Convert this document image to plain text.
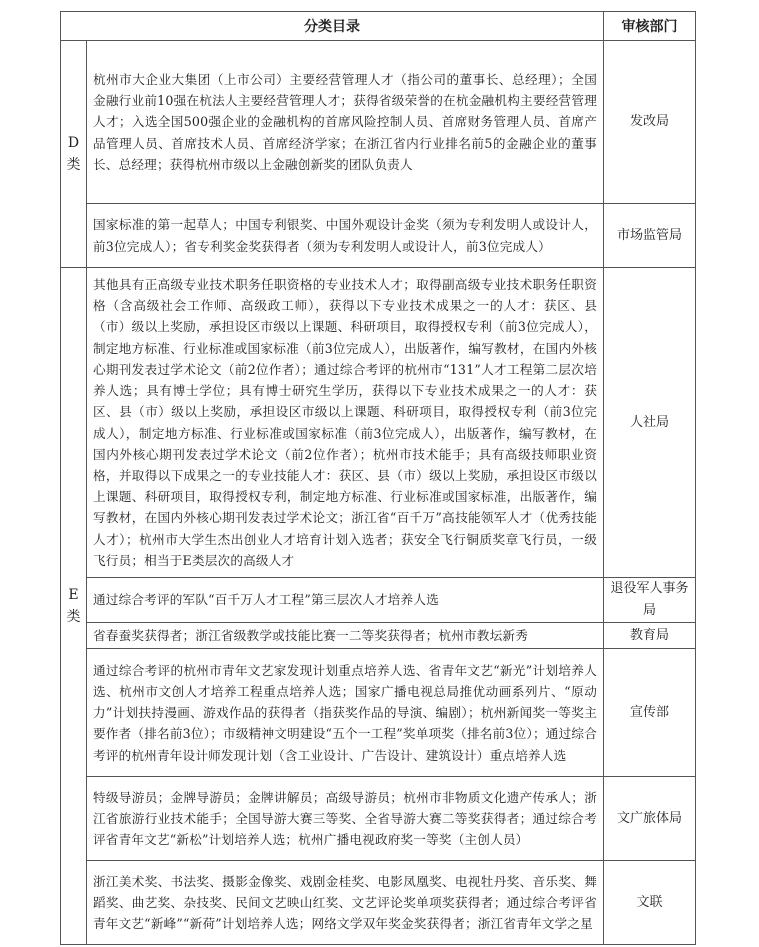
分类目录		审核部门

D
类	杭州市大企业大集团（上市公司）主要经营管理人才（指公司的董事长、总经理）；全国金融行业前10强在杭法人主要经营管理人才；获得省级荣誉的在杭金融机构主要经营管理人才；入选全国500强企业的金融机构的首席风险控制人员、首席财务管理人员、首席产品管理人员、首席技术人员、首席经济学家；在浙江省内行业排名前5的金融企业的董事长、总经理；获得杭州市级以上金融创新奖的团队负责人	发改局
	国家标准的第一起草人；中国专利银奖、中国外观设计金奖（须为专利发明人或设计人，前3位完成人）；省专利奖金奖获得者（须为专利发明人或设计人，前3位完成人）	市场监管局

E
类	其他具有正高级专业技术职务任职资格的专业技术人才；取得副高级专业技术职务任职资格（含高级社会工作师、高级政工师），获得以下专业技术成果之一的人才：获区、县（市）级以上奖励，承担设区市级以上课题、科研项目，取得授权专利（前3位完成人），制定地方标准、行业标准或国家标准（前3位完成人），出版著作，编写教材，在国内外核心期刊发表过学术论文（前2位作者）；通过综合考评的杭州市“131”人才工程第二层次培养人选；具有博士学位；具有博士研究生学历，获得以下专业技术成果之一的人才：获区、县（市）级以上奖励，承担设区市级以上课题、科研项目，取得授权专利（前3位完成人），制定地方标准、行业标准或国家标准（前3位完成人），出版著作，编写教材，在国内外核心期刊发表过学术论文（前2位作者）；杭州市技术能手；具有高级技师职业资格，并取得以下成果之一的专业技能人才：获区、县（市）级以上奖励，承担设区市级以上课题、科研项目，取得授权专利，制定地方标准、行业标准或国家标准，出版著作，编写教材，在国内外核心期刊发表过学术论文；浙江省“百千万”高技能领军人才（优秀技能人才）；杭州市大学生杰出创业人才培育计划入选者；获安全飞行铜质奖章飞行员，一级飞行员；相当于E类层次的高级人才	人社局
	通过综合考评的军队“百千万人才工程”第三层次人才培养人选	退役军人事务局
	省春蚕奖获得者；浙江省级教学或技能比赛一二等奖获得者；杭州市教坛新秀	教育局
	通过综合考评的杭州市青年文艺家发现计划重点培养人选、省青年文艺“新光”计划培养人选、杭州市文创人才培养工程重点培养人选；国家广播电视总局推优动画系列片、“原动力”计划扶持漫画、游戏作品的获得者（指获奖作品的导演、编剧）；杭州新闻奖一等奖主要作者（排名前3位）；市级精神文明建设“五个一工程”奖单项奖（排名前3位）；通过综合考评的杭州青年设计师发现计划（含工业设计、广告设计、建筑设计）重点培养人选	宣传部
	特级导游员；金牌导游员；金牌讲解员；高级导游员；杭州市非物质文化遗产传承人；浙江省旅游行业技术能手；全国导游大赛三等奖、全省导游大赛二等奖获得者；通过综合考评省青年文艺“新松”计划培养人选；杭州广播电视政府奖一等奖（主创人员）	文广旅体局
	浙江美术奖、书法奖、摄影金像奖、戏剧金桂奖、电影凤凰奖、电视牡丹奖、音乐奖、舞蹈奖、曲艺奖、杂技奖、民间文艺映山红奖、文艺评论奖单项奖获得者；通过综合考评省青年文艺“新峰”“新荷”计划培养人选；网络文学双年奖金奖获得者；浙江省青年文学之星	文联
